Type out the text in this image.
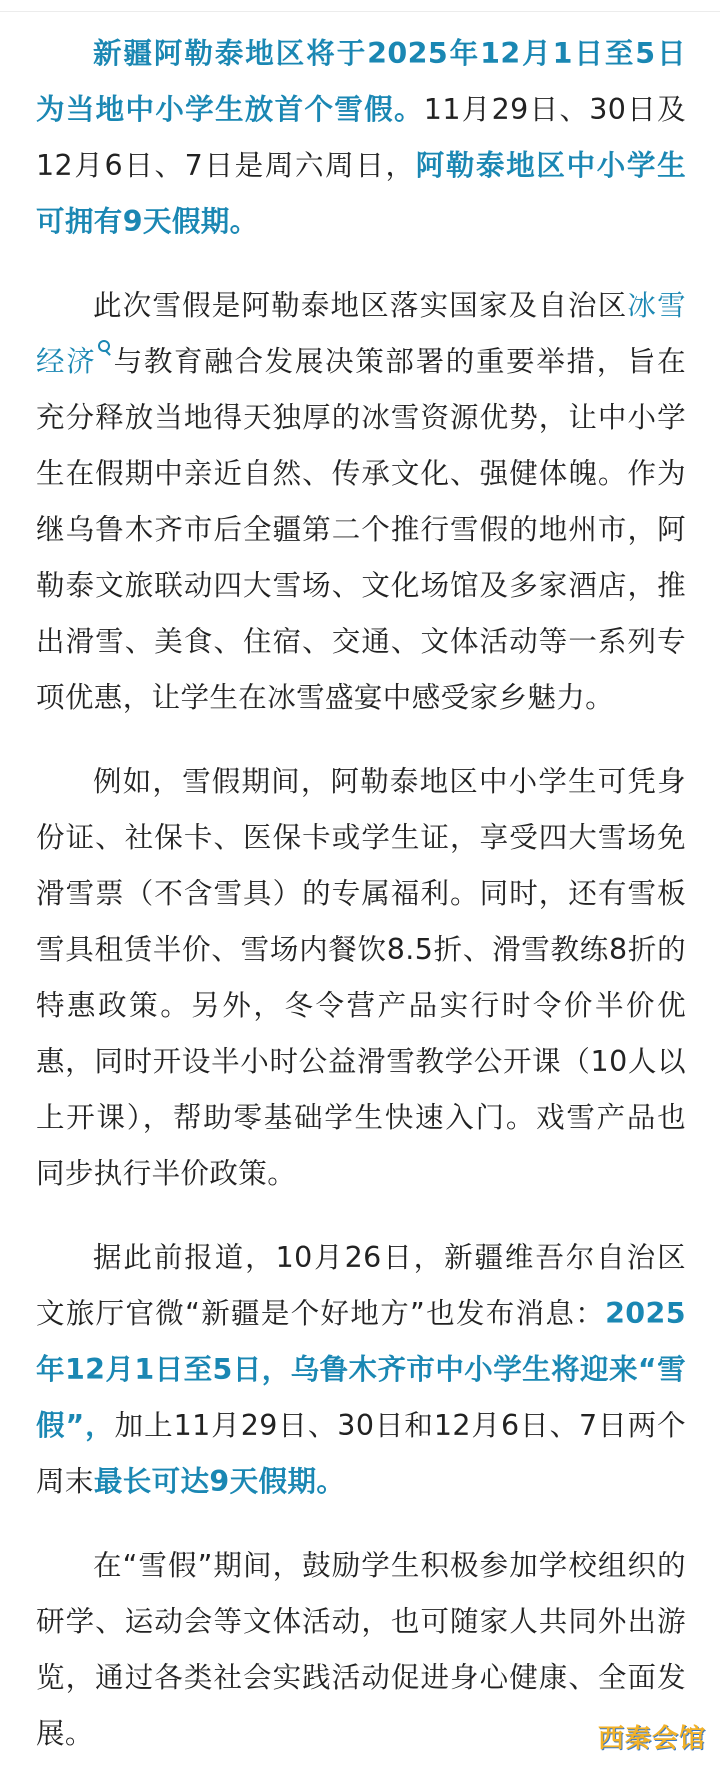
新疆阿勒泰地区将于2025年12月1日至5日为当地中小学生放首个雪假。11月29日、30日及12月6日、7日是周六周日，阿勒泰地区中小学生可拥有9天假期。

此次雪假是阿勒泰地区落实国家及自治区冰雪经济 与教育融合发展决策部署的重要举措，旨在充分释放当地得天独厚的冰雪资源优势，让中小学生在假期中亲近自然、传承文化、强健体魄。作为继乌鲁木齐市后全疆第二个推行雪假的地州市，阿勒泰文旅联动四大雪场、文化场馆及多家酒店，推出滑雪、美食、住宿、交通、文体活动等一系列专项优惠，让学生在冰雪盛宴中感受家乡魅力。

例如，雪假期间，阿勒泰地区中小学生可凭身份证、社保卡、医保卡或学生证，享受四大雪场免滑雪票（不含雪具）的专属福利。同时，还有雪板雪具租赁半价、雪场内餐饮8.5折、滑雪教练8折的特惠政策。另外，冬令营产品实行时令价半价优惠，同时开设半小时公益滑雪教学公开课（10人以上开课），帮助零基础学生快速入门。戏雪产品也同步执行半价政策。

据此前报道，10月26日，新疆维吾尔自治区文旅厅官微“新疆是个好地方”也发布消息：2025年12月1日至5日，乌鲁木齐市中小学生将迎来“雪假”，加上11月29日、30日和12月6日、7日两个周末最长可达9天假期。

在“雪假”期间，鼓励学生积极参加学校组织的研学、运动会等文体活动，也可随家人共同外出游览，通过各类社会实践活动促进身心健康、全面发展。	西秦会馆
